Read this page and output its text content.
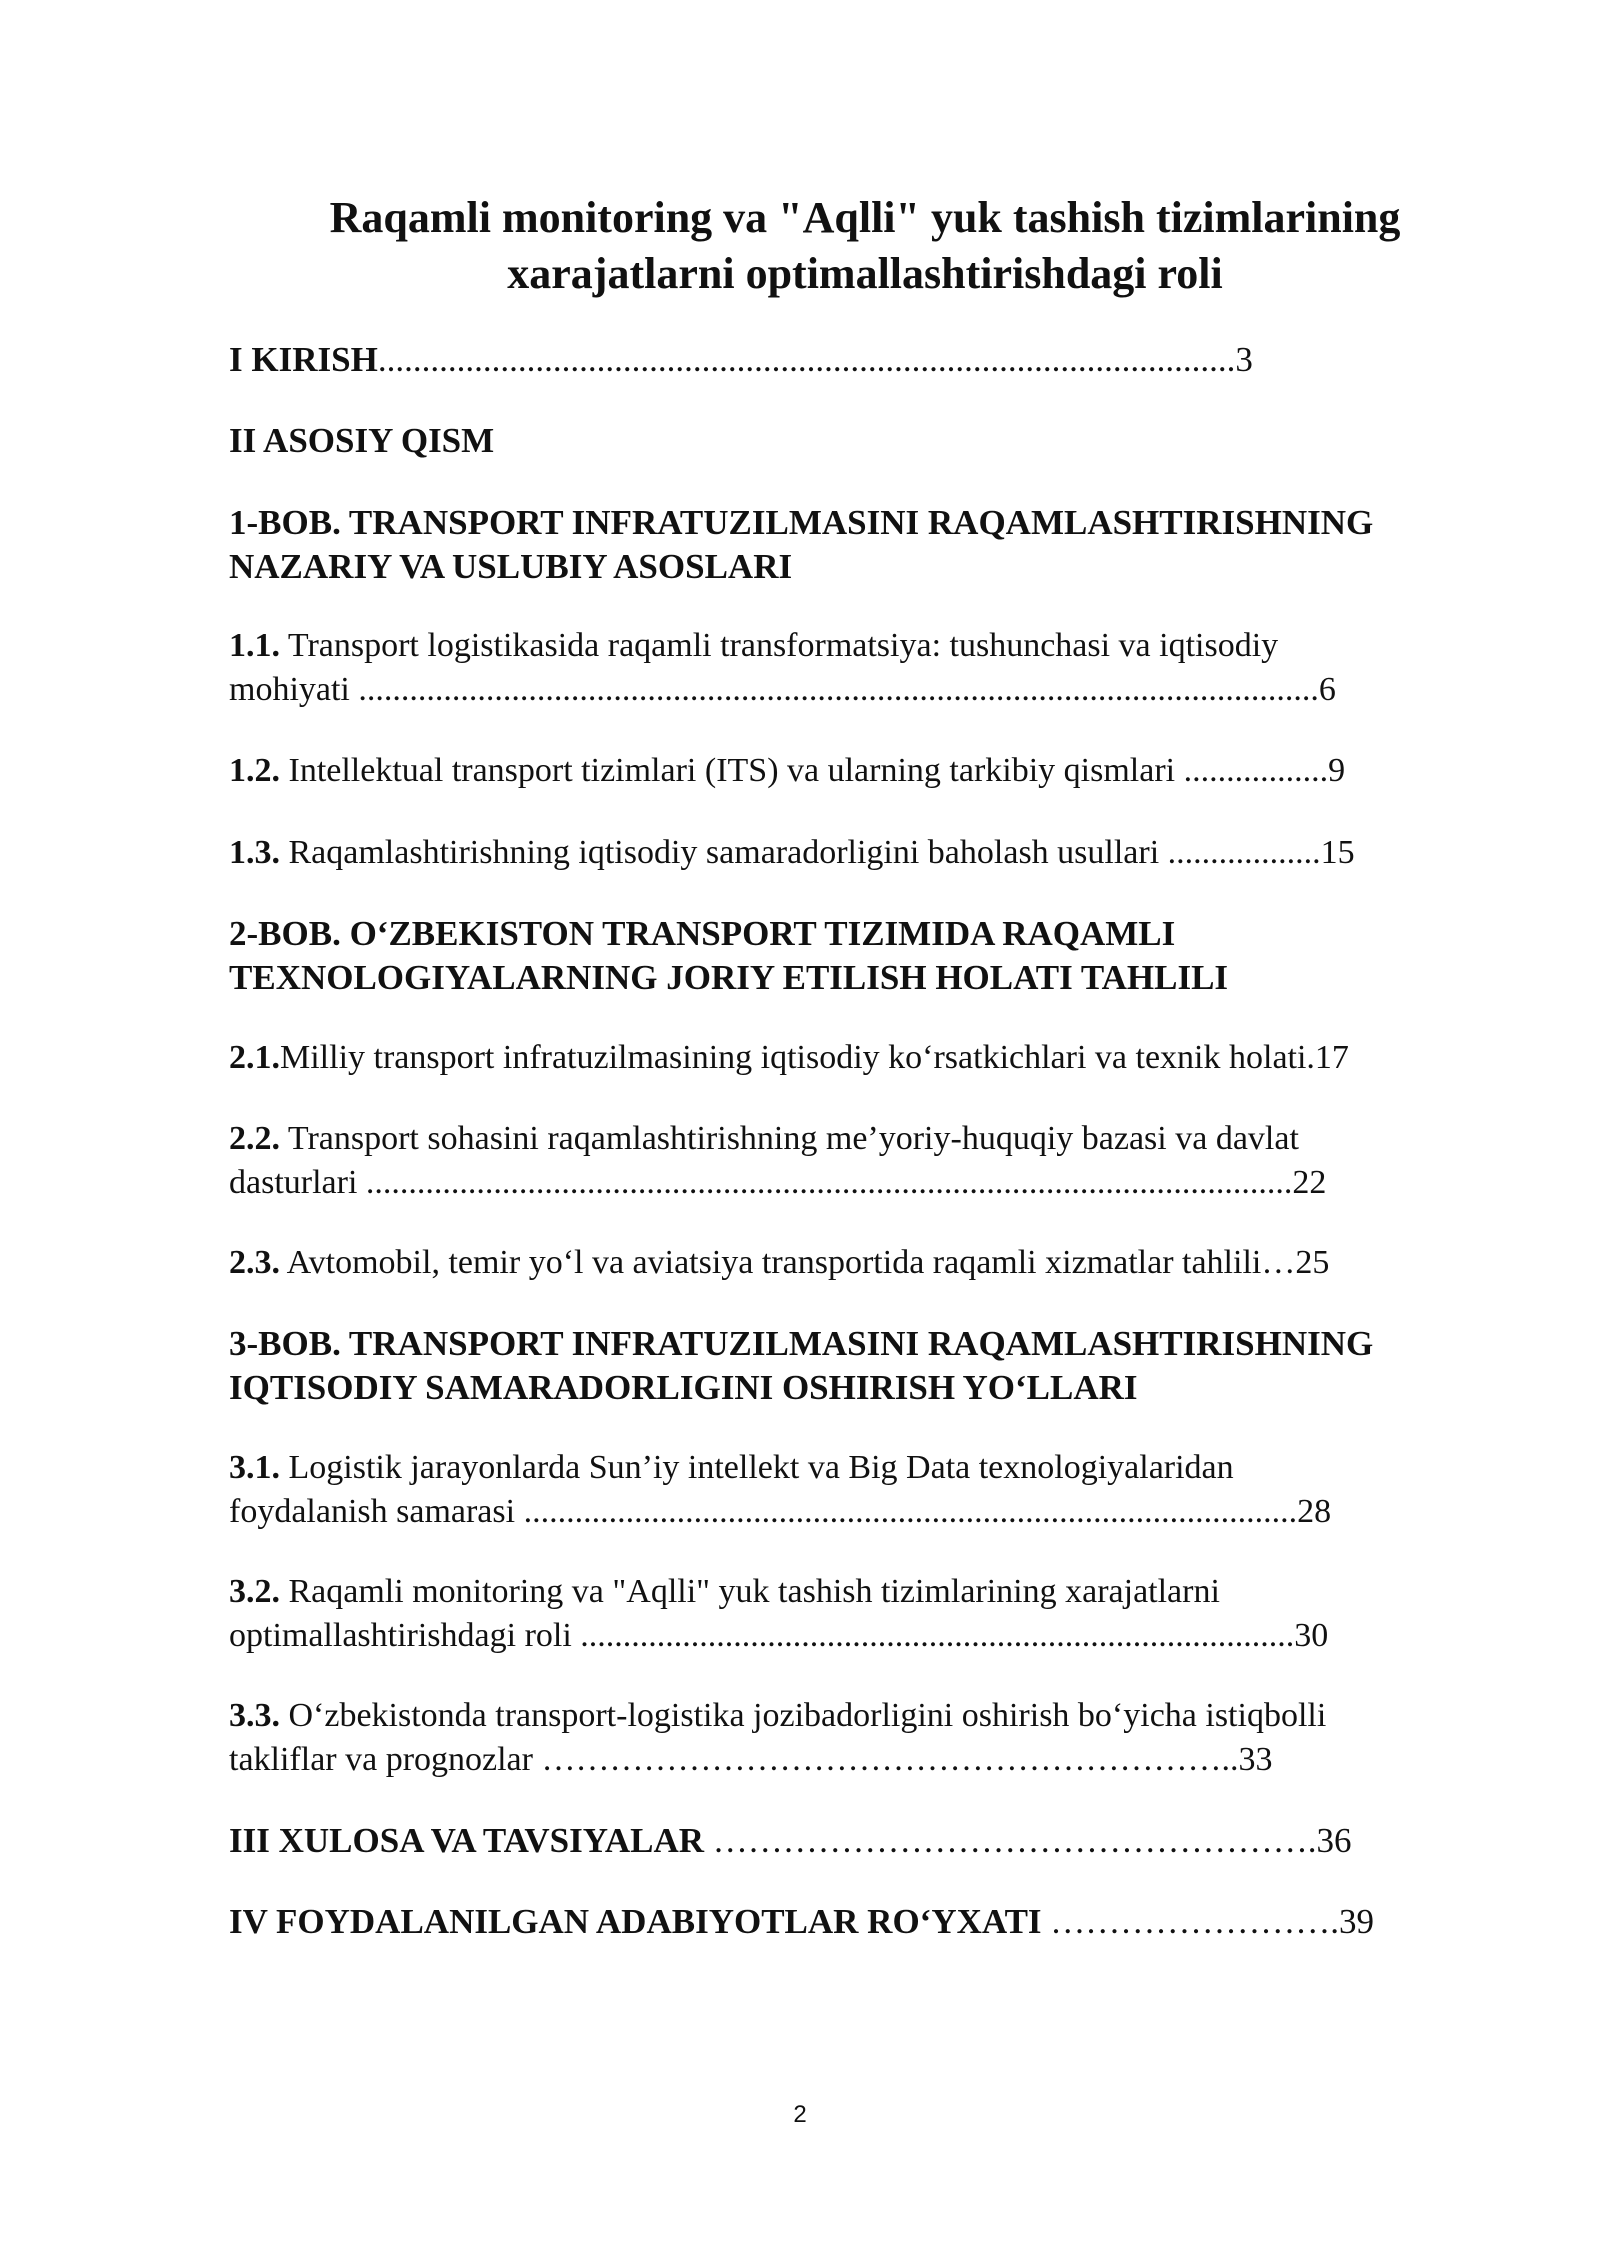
Raqamli monitoring va "Aqlli" yuk tashish tizimlarining
xarajatlarni optimallashtirishdagi roli
I KIRISH..................................................................................................3
II ASOSIY QISM
1-BOB. TRANSPORT INFRATUZILMASINI RAQAMLASHTIRISHNING
NAZARIY VA USLUBIY ASOSLARI
1.1. Transport logistikasida raqamli transformatsiya: tushunchasi va iqtisodiy
mohiyati .................................................................................................................6
1.2. Intellektual transport tizimlari (ITS) va ularning tarkibiy qismlari .................9
1.3. Raqamlashtirishning iqtisodiy samaradorligini baholash usullari ..................15
2-BOB. O‘ZBEKISTON TRANSPORT TIZIMIDA RAQAMLI
TEXNOLOGIYALARNING JORIY ETILISH HOLATI TAHLILI
2.1.Milliy transport infratuzilmasining iqtisodiy ko‘rsatkichlari va texnik holati.17
2.2. Transport sohasini raqamlashtirishning me’yoriy-huquqiy bazasi va davlat
dasturlari .............................................................................................................22
2.3. Avtomobil, temir yo‘l va aviatsiya transportida raqamli xizmatlar tahlili…25
3-BOB. TRANSPORT INFRATUZILMASINI RAQAMLASHTIRISHNING
IQTISODIY SAMARADORLIGINI OSHIRISH YO‘LLARI
3.1. Logistik jarayonlarda Sun’iy intellekt va Big Data texnologiyalaridan
foydalanish samarasi ...........................................................................................28
3.2. Raqamli monitoring va "Aqlli" yuk tashish tizimlarining xarajatlarni
optimallashtirishdagi roli ....................................................................................30
3.3. O‘zbekistonda transport-logistika jozibadorligini oshirish bo‘yicha istiqbolli
takliflar va prognozlar ……………………………………………………..33
III XULOSA VA TAVSIYALAR …………………………………………….36
IV FOYDALANILGAN ADABIYOTLAR RO‘YXATI …………………….39
2
